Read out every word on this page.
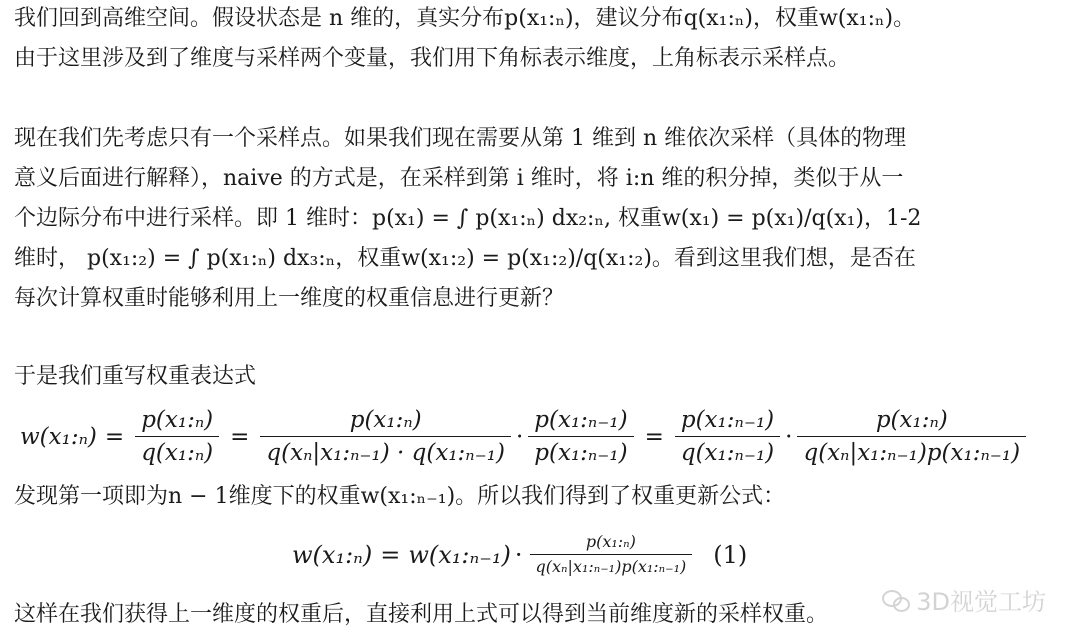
我们回到高维空间。假设状态是 n 维的，真实分布p(x₁:ₙ)，建议分布q(x₁:ₙ)，权重w(x₁:ₙ)。
由于这里涉及到了维度与采样两个变量，我们用下角标表示维度，上角标表示采样点。
现在我们先考虑只有一个采样点。如果我们现在需要从第 1 维到 n 维依次采样（具体的物理
意义后面进行解释），naive 的方式是，在采样到第 i 维时，将 i:n 维的积分掉，类似于从一
个边际分布中进行采样。即 1 维时：p(x₁) = ∫ p(x₁:ₙ) dx₂:ₙ, 权重w(x₁) = p(x₁)/q(x₁)，1-2
维时， p(x₁:₂) = ∫ p(x₁:ₙ) dx₃:ₙ，权重w(x₁:₂) = p(x₁:₂)/q(x₁:₂)。看到这里我们想，是否在
每次计算权重时能够利用上一维度的权重信息进行更新？
于是我们重写权重表达式
w(x₁:ₙ) = $\frac{\text{p(x₁:ₙ)}}{\text{q(x₁:ₙ)}} = \frac{\text{p(x₁:ₙ)}}{\text{q(xₙ|x₁:ₙ₋₁) · q(x₁:ₙ₋₁)}} \cdot \frac{\text{p(x₁:ₙ₋₁)}}{\text{p(x₁:ₙ₋₁)}} = \frac{\text{p(x₁:ₙ₋₁)}}{\text{q(x₁:ₙ₋₁)}} \cdot \frac{\text{p(x₁:ₙ)}}{\text{q(xₙ|x₁:ₙ₋₁)p(x₁:ₙ₋₁)}}$
发现第一项即为n − 1维度下的权重w(x₁:ₙ₋₁)。所以我们得到了权重更新公式：
w(x₁:ₙ) = w(x₁:ₙ₋₁) · $\frac{\text{p(x₁:ₙ)}}{\text{q(xₙ|x₁:ₙ₋₁)p(x₁:ₙ₋₁)}} (1)$
这样在我们获得上一维度的权重后，直接利用上式可以得到当前维度新的采样权重。	3D视觉工坊
